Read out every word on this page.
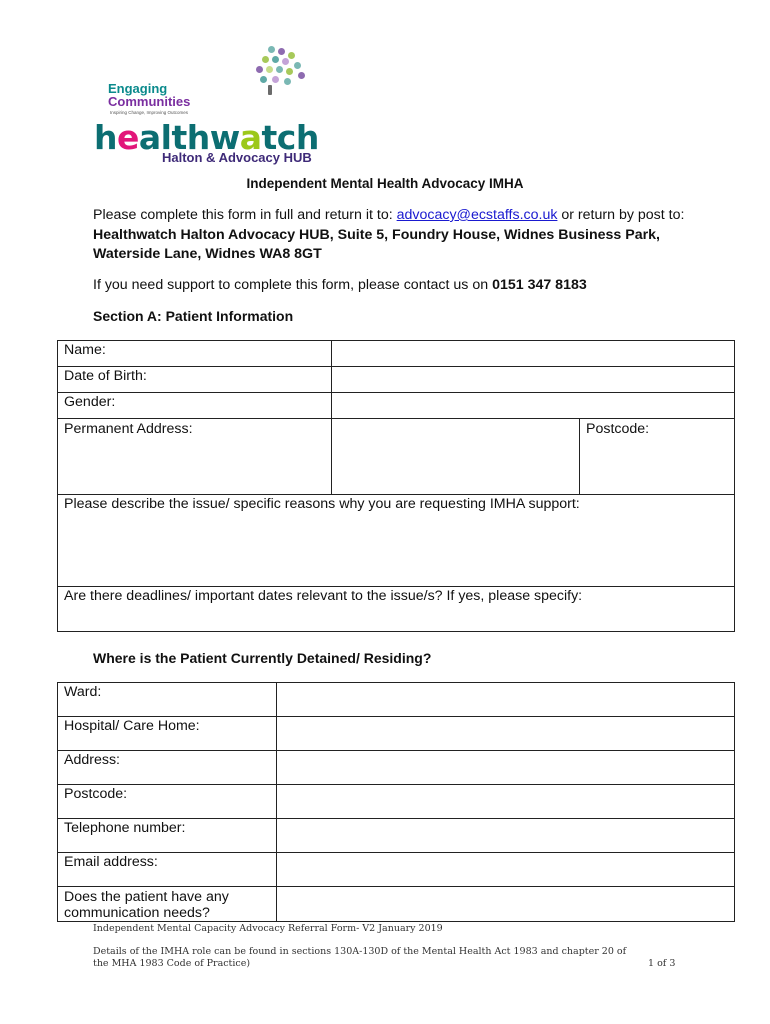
Engaging
Communities
Inspiring Change, Improving Outcomes
healthwatch
Halton & Advocacy HUB
Independent Mental Health Advocacy IMHA
Please complete this form in full and return it to: advocacy@ecstaffs.co.uk or return by post to: Healthwatch Halton Advocacy HUB, Suite 5, Foundry House, Widnes Business Park, Waterside Lane, Widnes WA8 8GT
If you need support to complete this form, please contact us on 0151 347 8183
Section A: Patient Information
Name:
Date of Birth:
Gender:
Permanent Address:	Postcode:
Please describe the issue/ specific reasons why you are requesting IMHA support:
Are there deadlines/ important dates relevant to the issue/s? If yes, please specify:
Where is the Patient Currently Detained/ Residing?
Ward:
Hospital/ Care Home:
Address:
Postcode:
Telephone number:
Email address:
Does the patient have any
communication needs?
Independent Mental Capacity Advocacy Referral Form- V2 January 2019
Details of the IMHA role can be found in sections 130A-130D of the Mental Health Act 1983 and chapter 20 of
the MHA 1983 Code of Practice)	1 of 3
